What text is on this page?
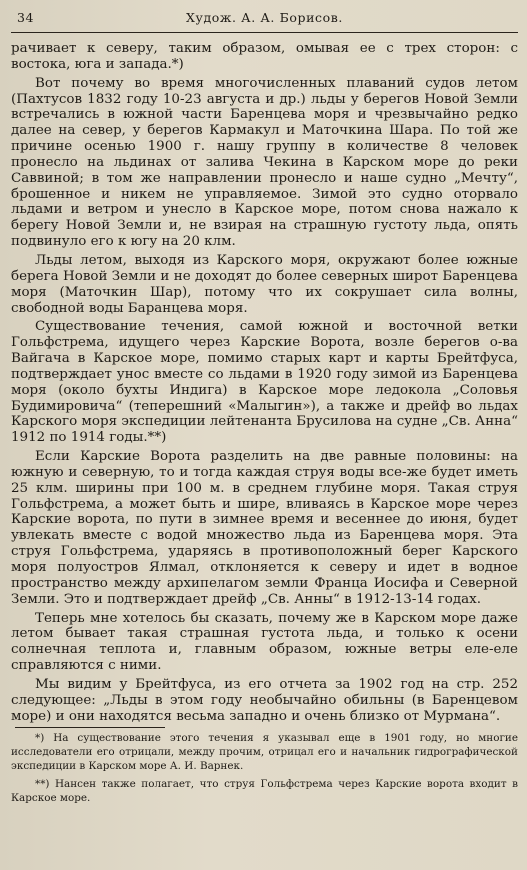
34	Худож. А. А. Борисов.

рачивает к северу, таким образом, омывая ее с трех сторон: с востока, юга и запада.*)

Вот почему во время многочисленных плаваний судов летом (Пахтусов 1832 году 10-23 августа и др.) льды у берегов Новой Земли встречались в южной части Баренцева моря и чрезвычайно редко далее на север, у берегов Кармакул и Маточкина Шара. По той же причине осенью 1900 г. нашу группу в количестве 8 человек пронесло на льдинах от залива Чекина в Карском море до реки Саввиной; в том же направлении пронесло и наше судно „Мечту“, брошенное и никем не управляемое. Зимой это судно оторвало льдами и ветром и унесло в Карское море, потом снова нажало к берегу Новой Земли и, не взирая на страшную густоту льда, опять подвинуло его к югу на 20 клм.

Льды летом, выходя из Карского моря, окружают более южные берега Новой Земли и не доходят до более северных широт Баренцева моря (Маточкин Шар), потому что их сокрушает сила волны, свободной воды Баранцева моря.

Существование течения, самой южной и восточной ветки Гольфстрема, идущего через Карские Ворота, возле берегов о-ва Вайгача в Карское море, помимо старых карт и карты Брейтфуса, подтверждает унос вместе со льдами в 1920 году зимой из Баренцева моря (около бухты Индига) в Карское море ледокола „Соловья Будимировича“ (теперешний «Малыгин»), а также и дрейф во льдах Карского моря экспедиции лейтенанта Брусилова на судне „Св. Анна“ 1912 по 1914 годы.**)

Если Карские Ворота разделить на две равные половины: на южную и северную, то и тогда каждая струя воды все-же будет иметь 25 клм. ширины при 100 м. в среднем глубине моря. Такая струя Гольфстрема, а может быть и шире, вливаясь в Карское море через Карские ворота, по пути в зимнее время и весеннее до июня, будет увлекать вместе с водой множество льда из Баренцева моря. Эта струя Гольфстрема, ударяясь в противоположный берег Карского моря полуостров Ялмал, отклоняется к северу и идет в водное пространство между архипелагом земли Франца Иосифа и Северной Земли. Это и подтверждает дрейф „Св. Анны“ в 1912-13-14 годах.

Теперь мне хотелось бы сказать, почему же в Карском море даже летом бывает такая страшная густота льда, и только к осени солнечная теплота и, главным образом, южные ветры еле-еле справляются с ними.

Мы видим у Брейтфуса, из его отчета за 1902 год на стр. 252 следующее: „Льды в этом году необычайно обильны (в Баренцевом море) и они находятся весьма западно и очень близко от Мурмана“.

*) На существование этого течения я указывал еще в 1901 году, но многие исследователи его отрицали, между прочим, отрицал его и начальник гидрографической экспедиции в Карском море А. И. Варнек.

**) Нансен также полагает, что струя Гольфстрема через Карские ворота входит в Карское море.
